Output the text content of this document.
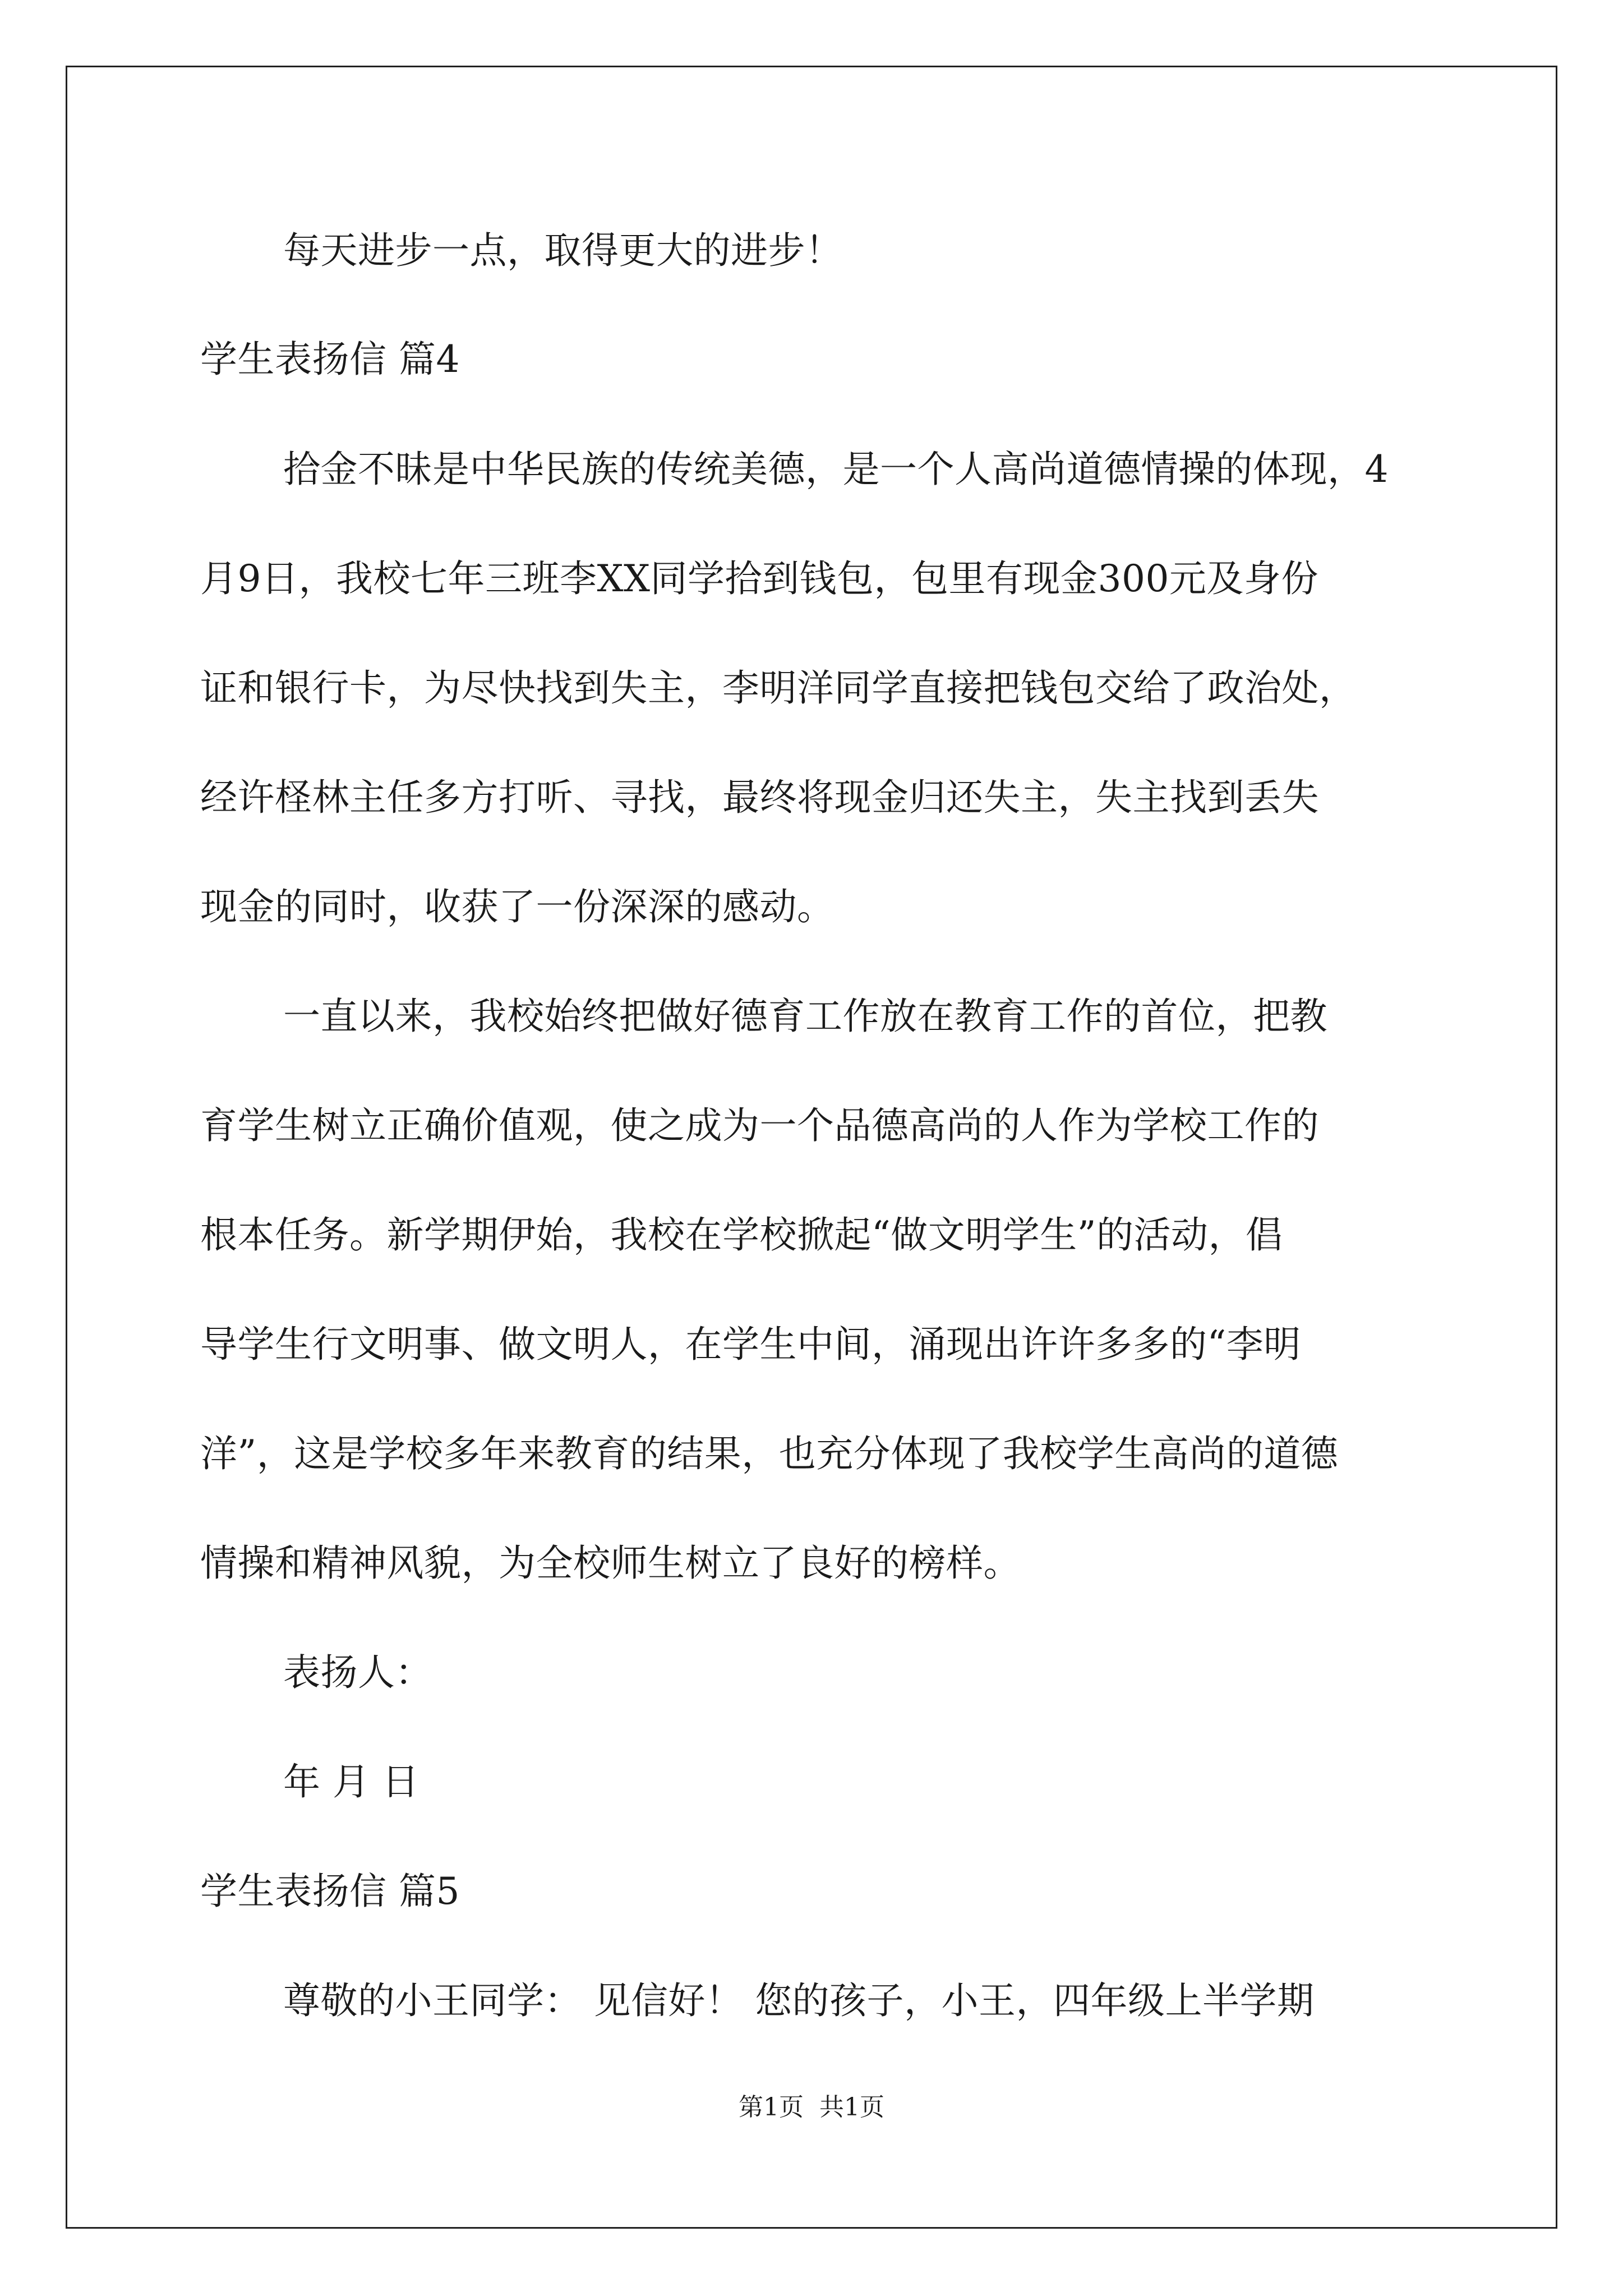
每天进步一点，取得更大的进步！

学生表扬信 篇4

拾金不昧是中华民族的传统美德，是一个人高尚道德情操的体现，4

月9日，我校七年三班李XX同学拾到钱包，包里有现金300元及身份

证和银行卡，为尽快找到失主，李明洋同学直接把钱包交给了政治处，

经许柽林主任多方打听、寻找，最终将现金归还失主，失主找到丢失

现金的同时，收获了一份深深的感动。

一直以来，我校始终把做好德育工作放在教育工作的首位，把教

育学生树立正确价值观，使之成为一个品德高尚的人作为学校工作的

根本任务。新学期伊始，我校在学校掀起“做文明学生”的活动，倡

导学生行文明事、做文明人，在学生中间，涌现出许许多多的“李明

洋”，这是学校多年来教育的结果，也充分体现了我校学生高尚的道德

情操和精神风貌，为全校师生树立了良好的榜样。

表扬人：

年 月 日

学生表扬信 篇5

尊敬的小王同学： 见信好！ 您的孩子，小王，四年级上半学期

第1页  共1页
